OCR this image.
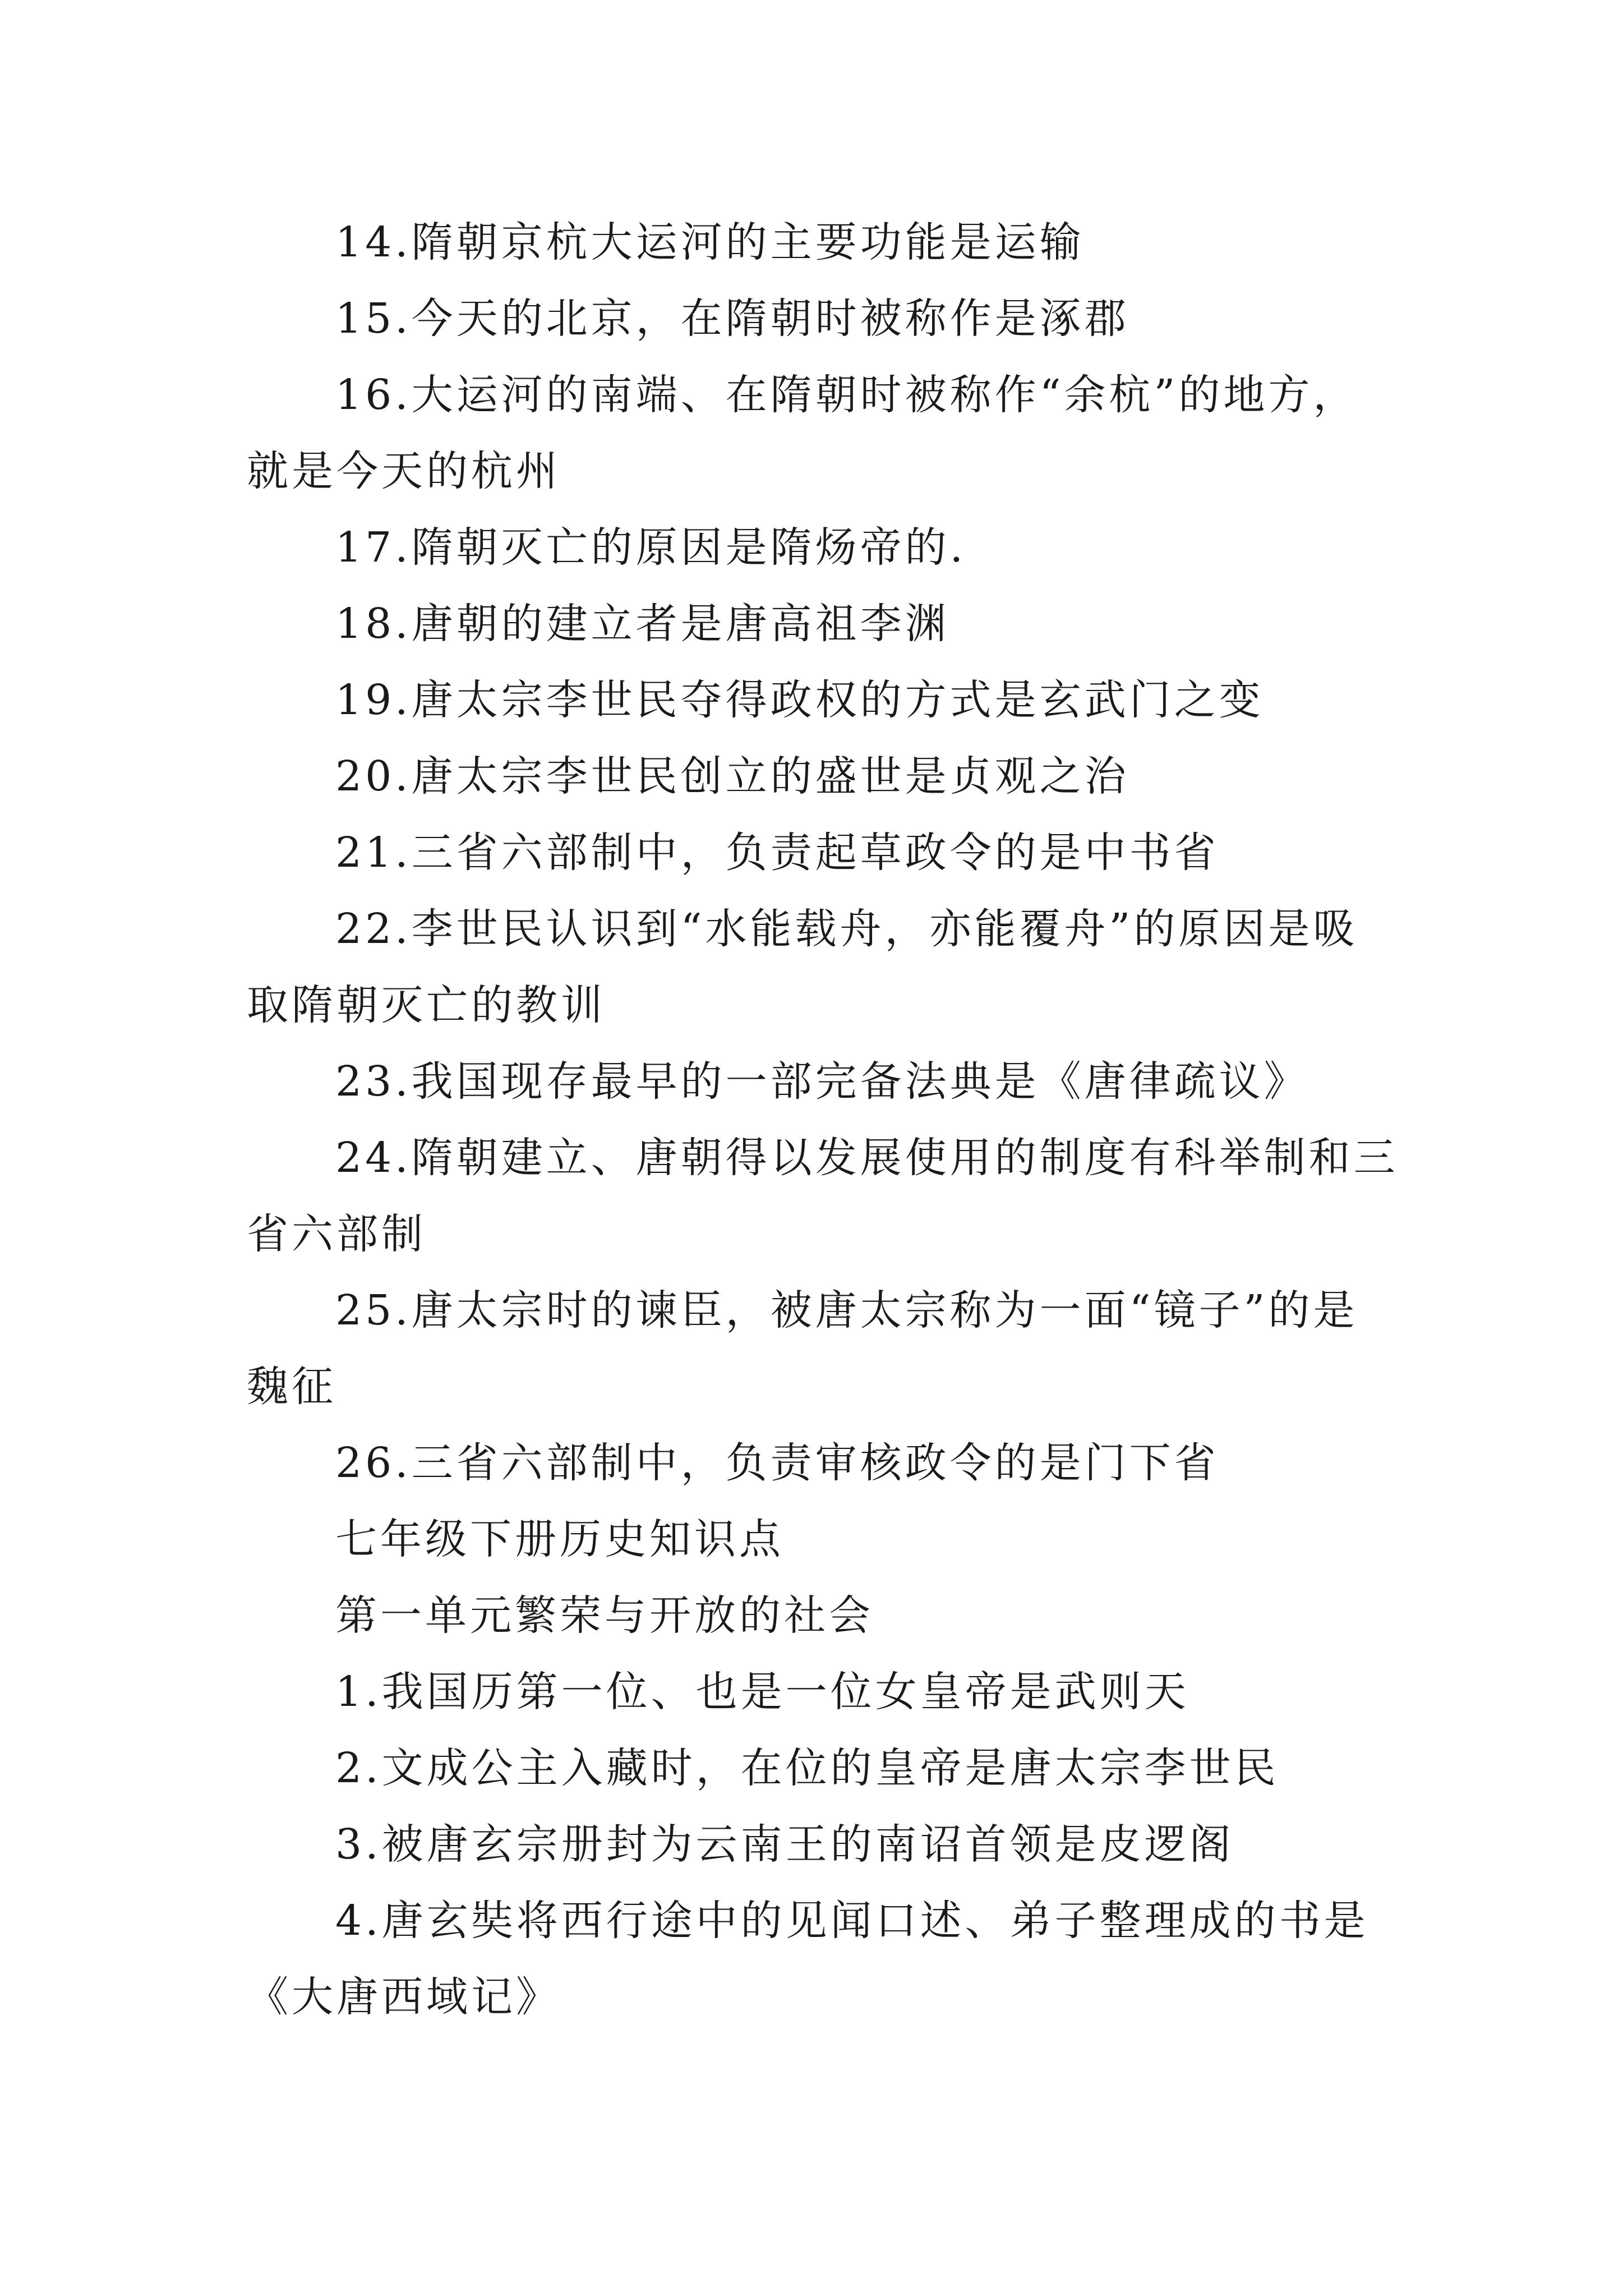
14.隋朝京杭大运河的主要功能是运输

15.今天的北京，在隋朝时被称作是涿郡

16.大运河的南端、在隋朝时被称作“余杭”的地方，

就是今天的杭州

17.隋朝灭亡的原因是隋炀帝的.

18.唐朝的建立者是唐高祖李渊

19.唐太宗李世民夺得政权的方式是玄武门之变

20.唐太宗李世民创立的盛世是贞观之治

21.三省六部制中，负责起草政令的是中书省

22.李世民认识到“水能载舟，亦能覆舟”的原因是吸

取隋朝灭亡的教训

23.我国现存最早的一部完备法典是《唐律疏议》

24.隋朝建立、唐朝得以发展使用的制度有科举制和三

省六部制

25.唐太宗时的谏臣，被唐太宗称为一面“镜子”的是

魏征

26.三省六部制中，负责审核政令的是门下省

七年级下册历史知识点

第一单元繁荣与开放的社会

1.我国历第一位、也是一位女皇帝是武则天

2.文成公主入藏时，在位的皇帝是唐太宗李世民

3.被唐玄宗册封为云南王的南诏首领是皮逻阁

4.唐玄奘将西行途中的见闻口述、弟子整理成的书是

《大唐西域记》
